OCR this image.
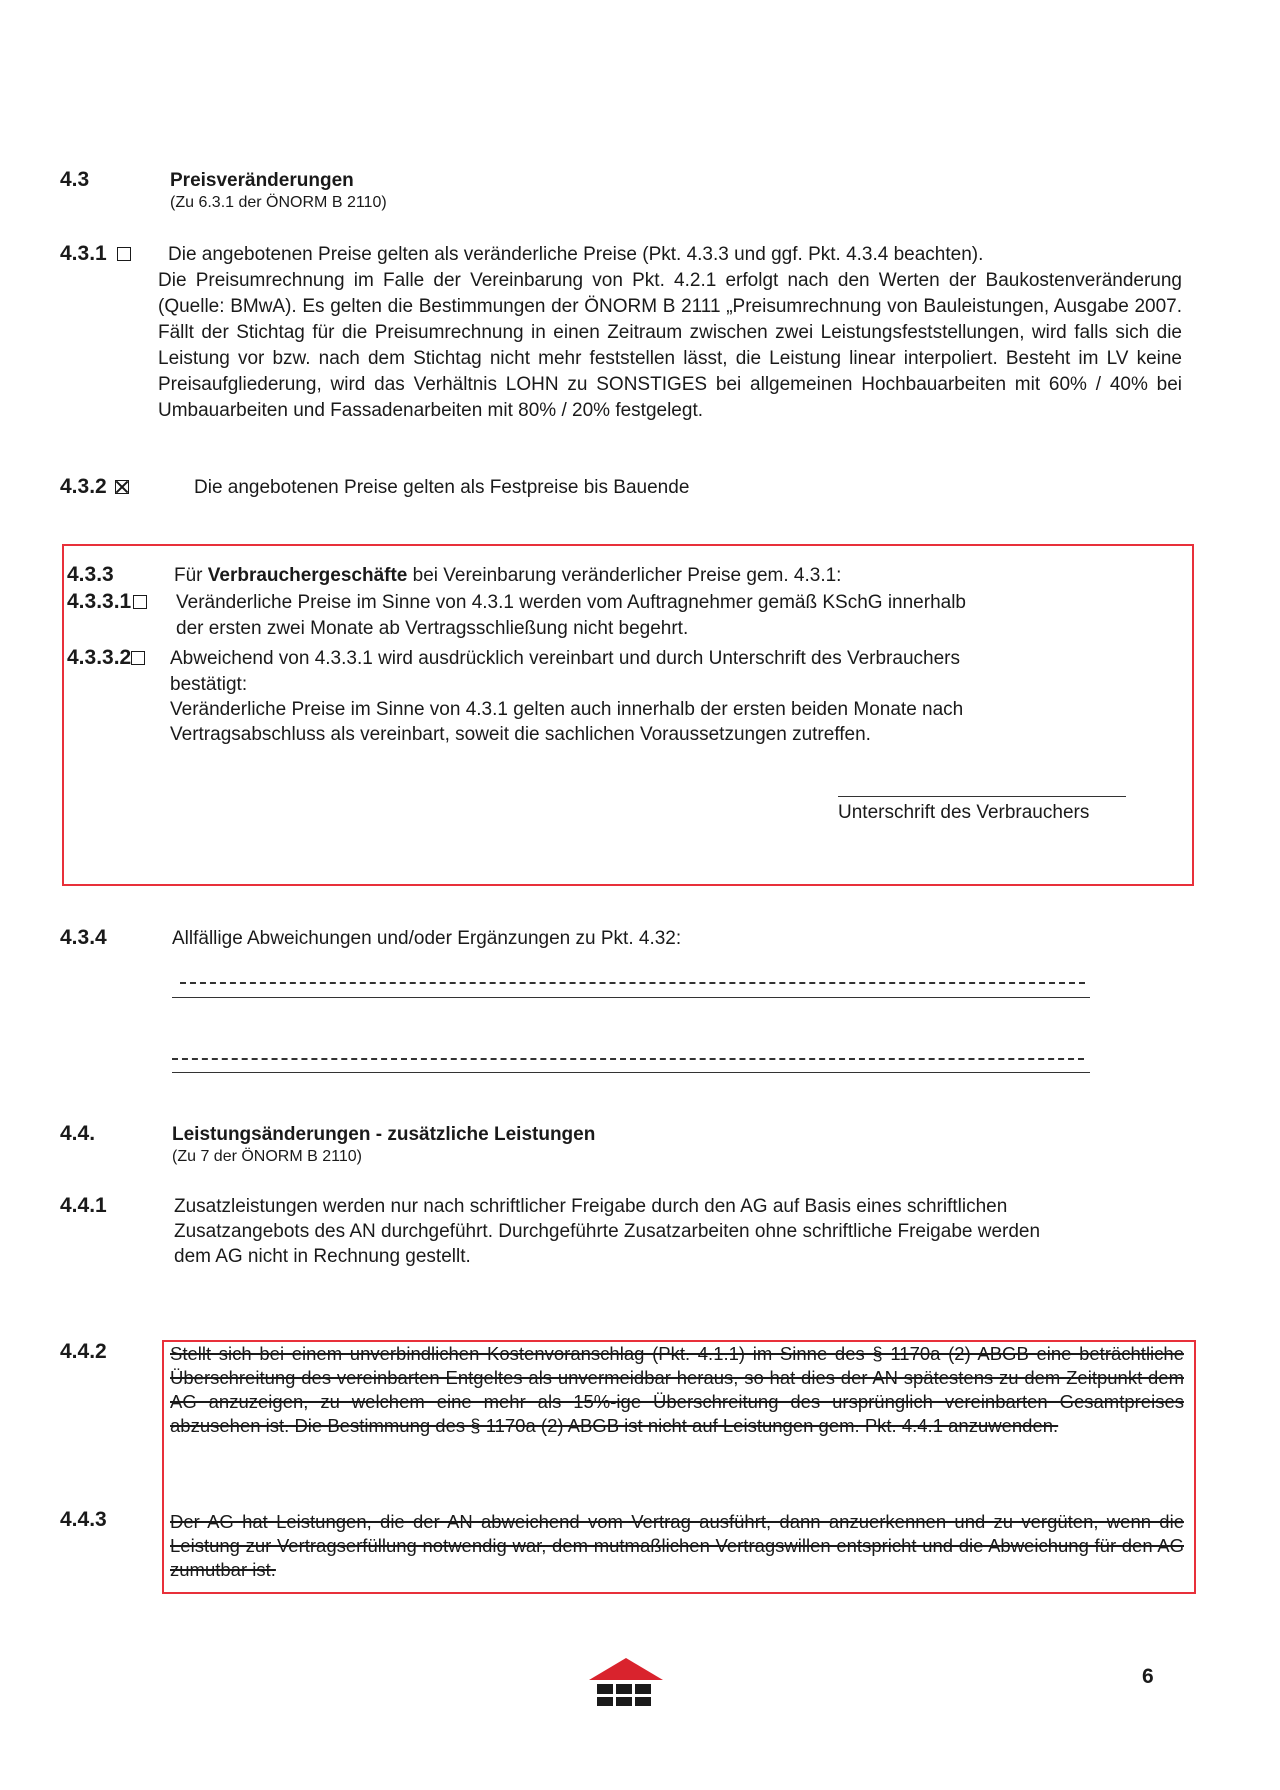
4.3	Preisveränderungen
(Zu 6.3.1 der ÖNORM B 2110)
4.3.1	Die angebotenen Preise gelten als veränderliche Preise (Pkt. 4.3.3 und ggf. Pkt. 4.3.4 beachten).
Die Preisumrechnung im Falle der Vereinbarung von Pkt. 4.2.1 erfolgt nach den Werten der Baukostenveränderung (Quelle: BMwA). Es gelten die Bestimmungen der ÖNORM B 2111 „Preisumrechnung von Bauleistungen, Ausgabe 2007. Fällt der Stichtag für die Preisumrechnung in einen Zeitraum zwischen zwei Leistungsfeststellungen, wird falls sich die Leistung vor bzw. nach dem Stichtag nicht mehr feststellen lässt, die Leistung linear interpoliert. Besteht im LV keine Preisaufgliederung, wird das Verhältnis LOHN zu SONSTIGES bei allgemeinen Hochbauarbeiten mit 60% / 40% bei Umbauarbeiten und Fassadenarbeiten mit 80% / 20% festgelegt.
4.3.2	Die angebotenen Preise gelten als Festpreise bis Bauende
4.3.3	Für Verbrauchergeschäfte bei Vereinbarung veränderlicher Preise gem. 4.3.1:
4.3.3.1	Veränderliche Preise im Sinne von 4.3.1 werden vom Auftragnehmer gemäß KSchG innerhalb
der ersten zwei Monate ab Vertragsschließung nicht begehrt.
4.3.3.2	Abweichend von 4.3.3.1 wird ausdrücklich vereinbart und durch Unterschrift des Verbrauchers
bestätigt:
Veränderliche Preise im Sinne von 4.3.1 gelten auch innerhalb der ersten beiden Monate nach
Vertragsabschluss als vereinbart, soweit die sachlichen Voraussetzungen zutreffen.
Unterschrift des Verbrauchers
4.3.4	Allfällige Abweichungen und/oder Ergänzungen zu Pkt. 4.32:
4.4.	Leistungsänderungen - zusätzliche Leistungen
(Zu 7 der ÖNORM B 2110)
4.4.1	Zusatzleistungen werden nur nach schriftlicher Freigabe durch den AG auf Basis eines schriftlichen
Zusatzangebots des AN durchgeführt. Durchgeführte Zusatzarbeiten ohne schriftliche Freigabe werden
dem AG nicht in Rechnung gestellt.
4.4.2	Stellt sich bei einem unverbindlichen Kostenvoranschlag (Pkt. 4.1.1) im Sinne des § 1170a (2) ABGB eine beträchtliche Überschreitung des vereinbarten Entgeltes als unvermeidbar heraus, so hat dies der AN spätestens zu dem Zeitpunkt dem AG anzuzeigen, zu welchem eine mehr als 15%-ige Überschreitung des ursprünglich vereinbarten Gesamtpreises abzusehen ist. Die Bestimmung des § 1170a (2) ABGB ist nicht auf Leistungen gem. Pkt. 4.4.1 anzuwenden.
4.4.3	Der AG hat Leistungen, die der AN abweichend vom Vertrag ausführt, dann anzuerkennen und zu vergüten, wenn die Leistung zur Vertragserfüllung notwendig war, dem mutmaßlichen Vertragswillen entspricht und die Abweichung für den AG zumutbar ist.
6
